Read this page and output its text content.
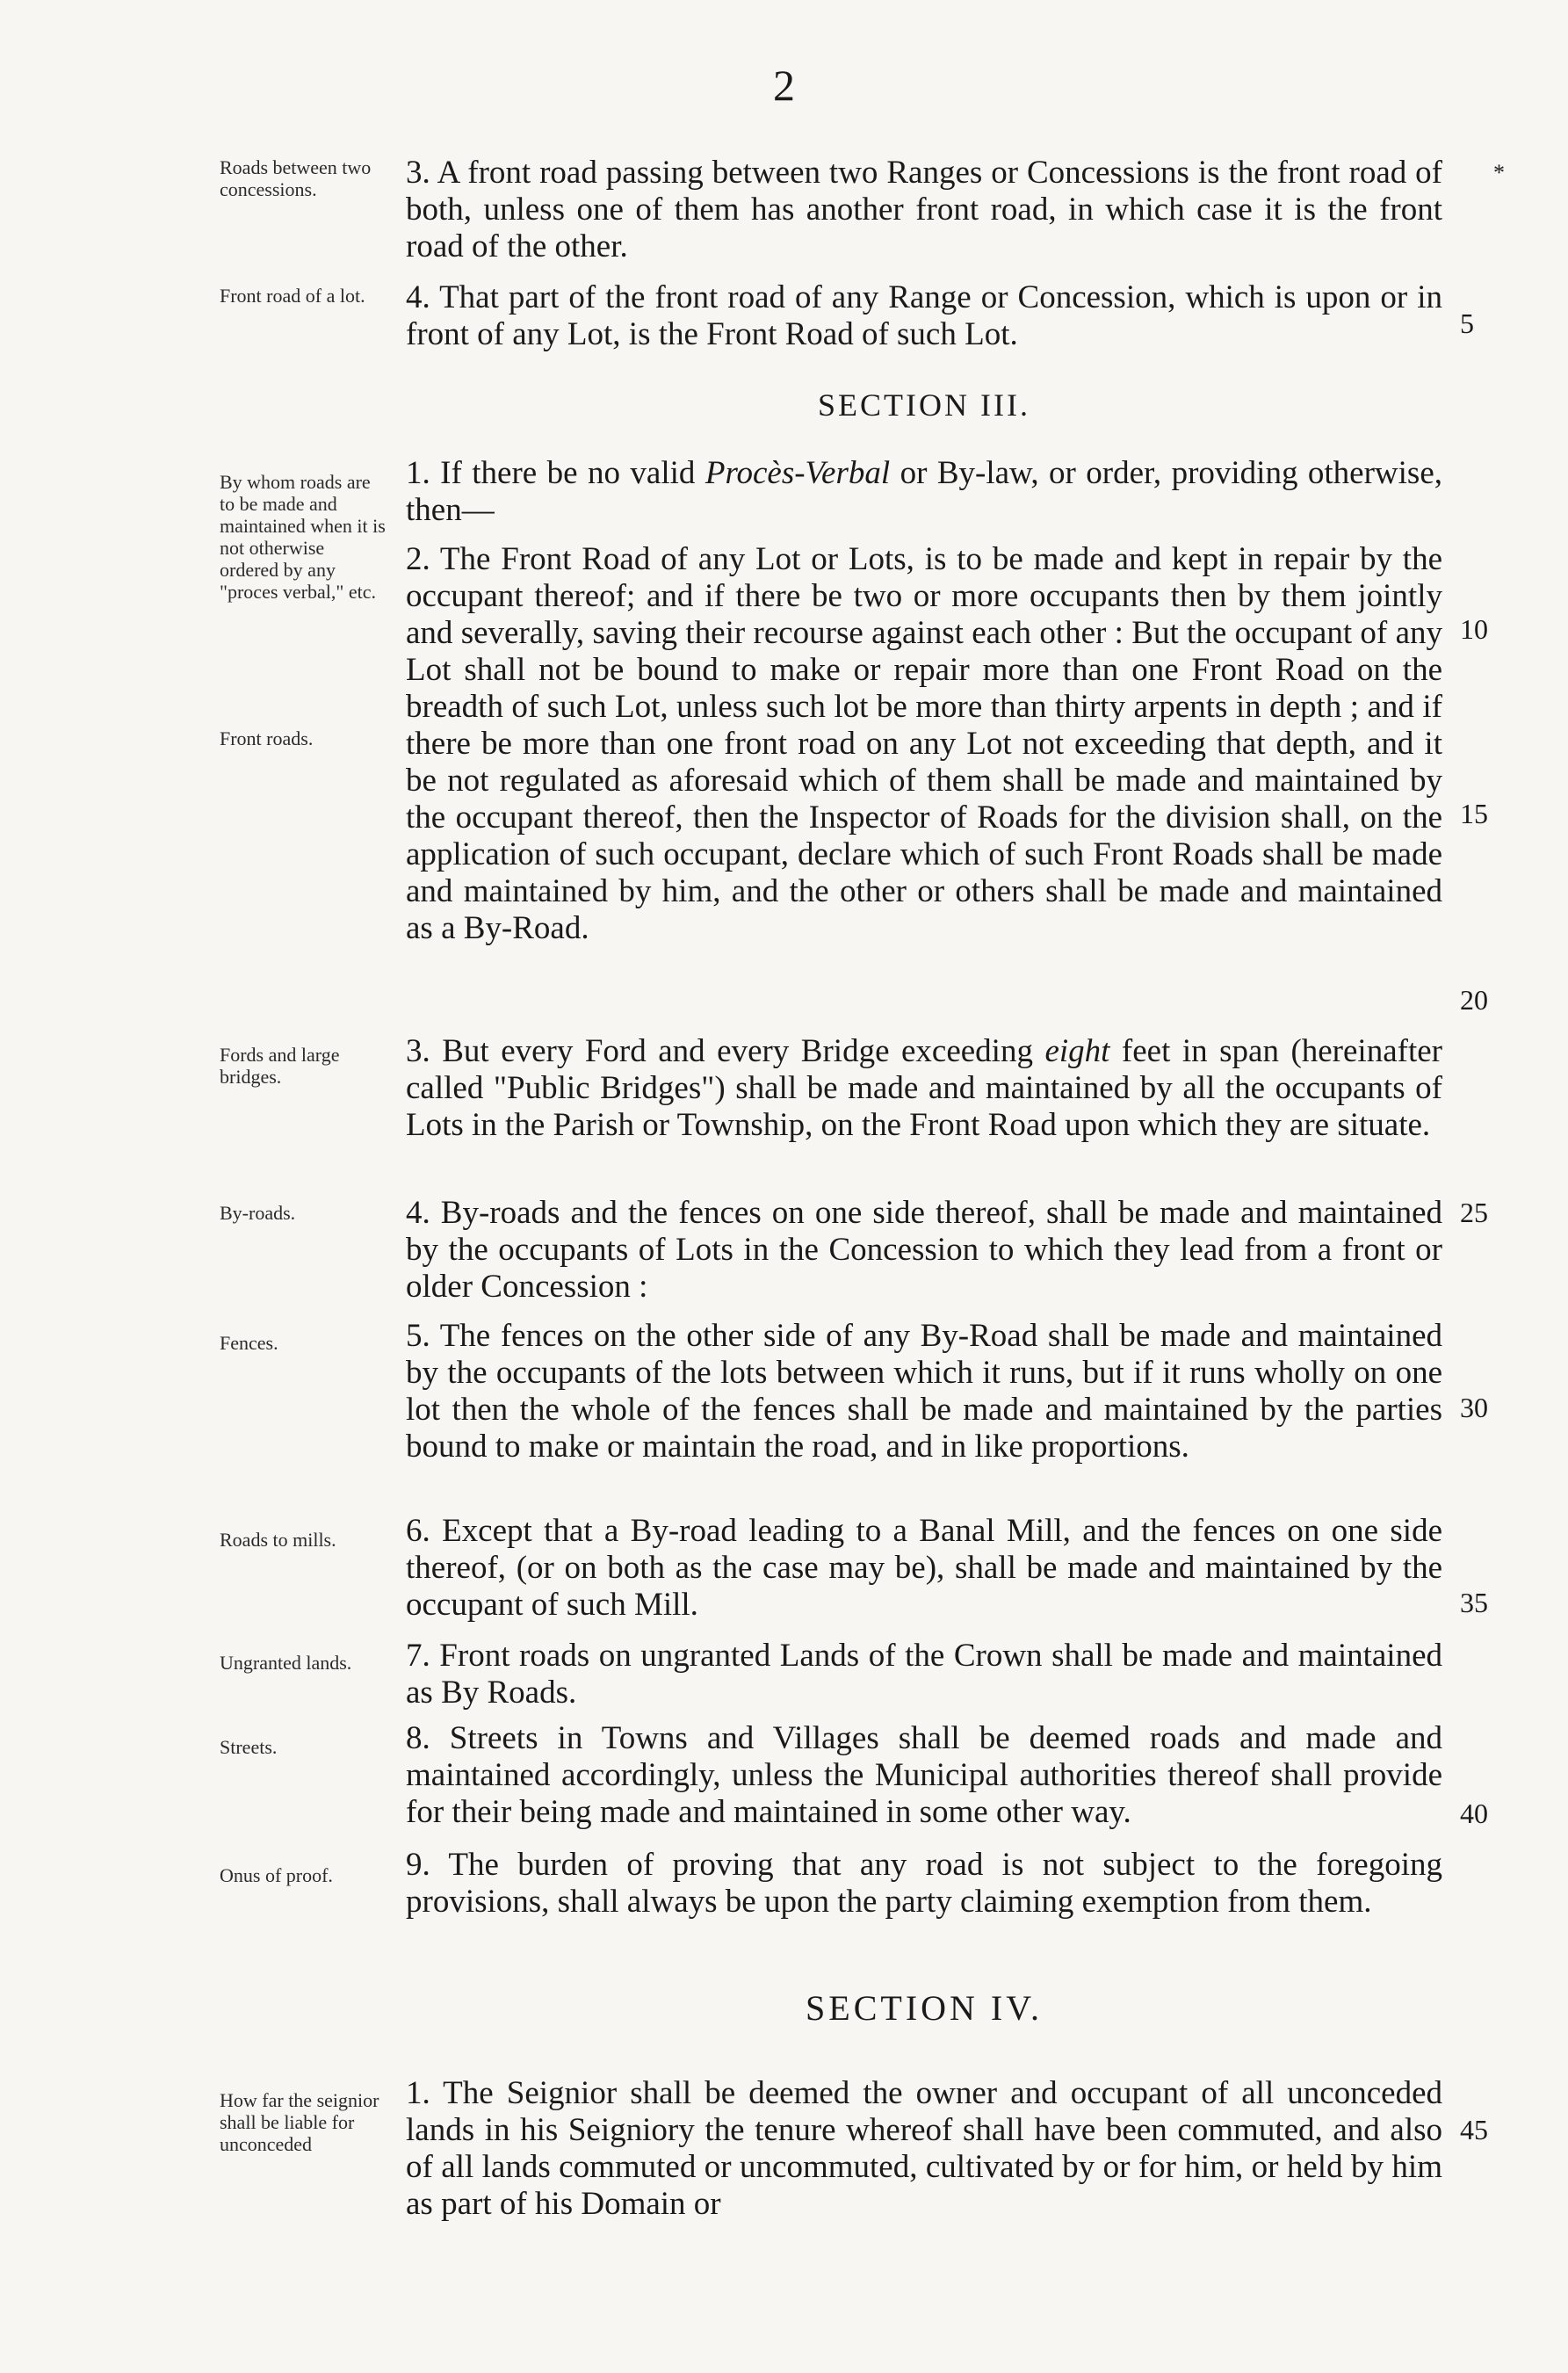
2
*
Roads between two concessions.	3. A front road passing between two Ranges or Concessions is the front road of both, unless one of them has another front road, in which case it is the front road of the other.
Front road of a lot.	4. That part of the front road of any Range or Concession, which is upon or in front of any Lot, is the Front Road of such Lot.	5
SECTION III.
By whom roads are to be made and maintained when it is not otherwise ordered by any "proces verbal," etc.
1. If there be no valid Procès-Verbal or By-law, or order, providing otherwise, then—
Front roads.
2. The Front Road of any Lot or Lots, is to be made and kept in repair by the occupant thereof; and if there be two or more occupants then by them jointly and severally, saving their recourse against each other : But the occupant of any Lot shall not be bound to make or repair more than one Front Road on the breadth of such Lot, unless such lot be more than thirty arpents in depth ; and if there be more than one front road on any Lot not exceeding that depth, and it be not regulated as aforesaid which of them shall be made and maintained by the occupant thereof, then the Inspector of Roads for the division shall, on the application of such occupant, declare which of such Front Roads shall be made and maintained by him, and the other or others shall be made and maintained as a By-Road.
10
15
20
Fords and large bridges.
3. But every Ford and every Bridge exceeding eight feet in span (hereinafter called "Public Bridges") shall be made and maintained by all the occupants of Lots in the Parish or Township, on the Front Road upon which they are situate.
By-roads.	4. By-roads and the fences on one side thereof, shall be made and maintained by the occupants of Lots in the Concession to which they lead from a front or older Concession :
25
Fences.	5. The fences on the other side of any By-Road shall be made and maintained by the occupants of the lots between which it runs, but if it runs wholly on one lot then the whole of the fences shall be made and maintained by the parties bound to make or maintain the road, and in like proportions.
30
Roads to mills.	6. Except that a By-road leading to a Banal Mill, and the fences on one side thereof, (or on both as the case may be), shall be made and maintained by the occupant of such Mill.	35
Ungranted lands.	7. Front roads on ungranted Lands of the Crown shall be made and maintained as By Roads.
Streets.	8. Streets in Towns and Villages shall be deemed roads and made and maintained accordingly, unless the Municipal authorities thereof shall provide for their being made and maintained in some other way.	40
Onus of proof.	9. The burden of proving that any road is not subject to the foregoing provisions, shall always be upon the party claiming exemption from them.
SECTION IV.
How far the seignior shall be liable for unconceded
1. The Seignior shall be deemed the owner and occupant of all unconceded lands in his Seigniory the tenure whereof shall have been commuted, and also of all lands commuted or uncommuted, cultivated by or for him, or held by him as part of his Domain or
45
